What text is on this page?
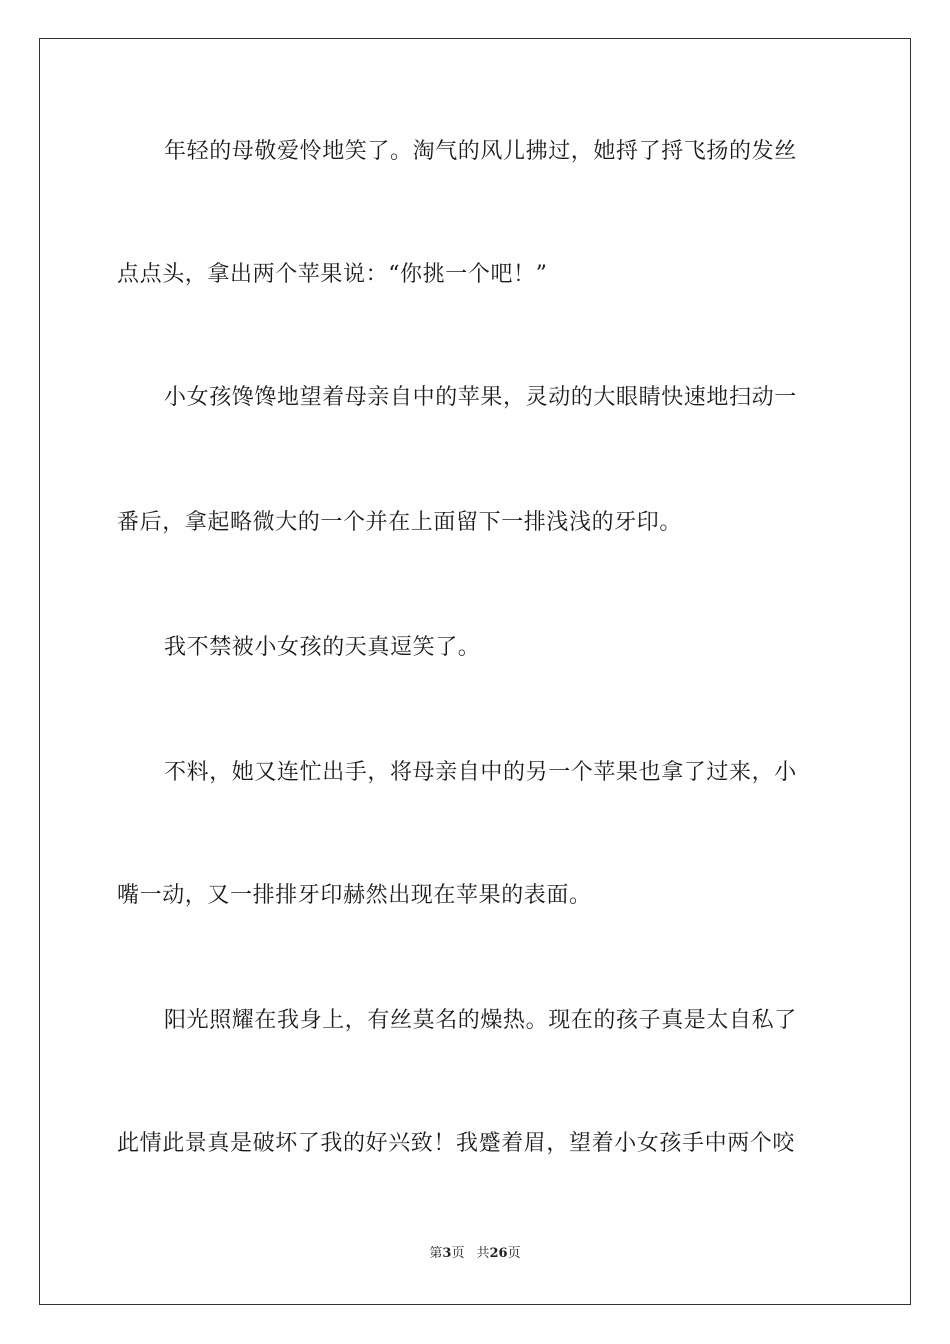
年轻的母敬爱怜地笑了。淘气的风儿拂过，她捋了捋飞扬的发丝
点点头，拿出两个苹果说：“你挑一个吧！”
小女孩馋馋地望着母亲自中的苹果，灵动的大眼睛快速地扫动一
番后，拿起略微大的一个并在上面留下一排浅浅的牙印。
我不禁被小女孩的天真逗笑了。
不料，她又连忙出手，将母亲自中的另一个苹果也拿了过来，小
嘴一动，又一排排牙印赫然出现在苹果的表面。
阳光照耀在我身上，有丝莫名的燥热。现在的孩子真是太自私了
此情此景真是破坏了我的好兴致！我蹙着眉，望着小女孩手中两个咬
第3页 共26页
